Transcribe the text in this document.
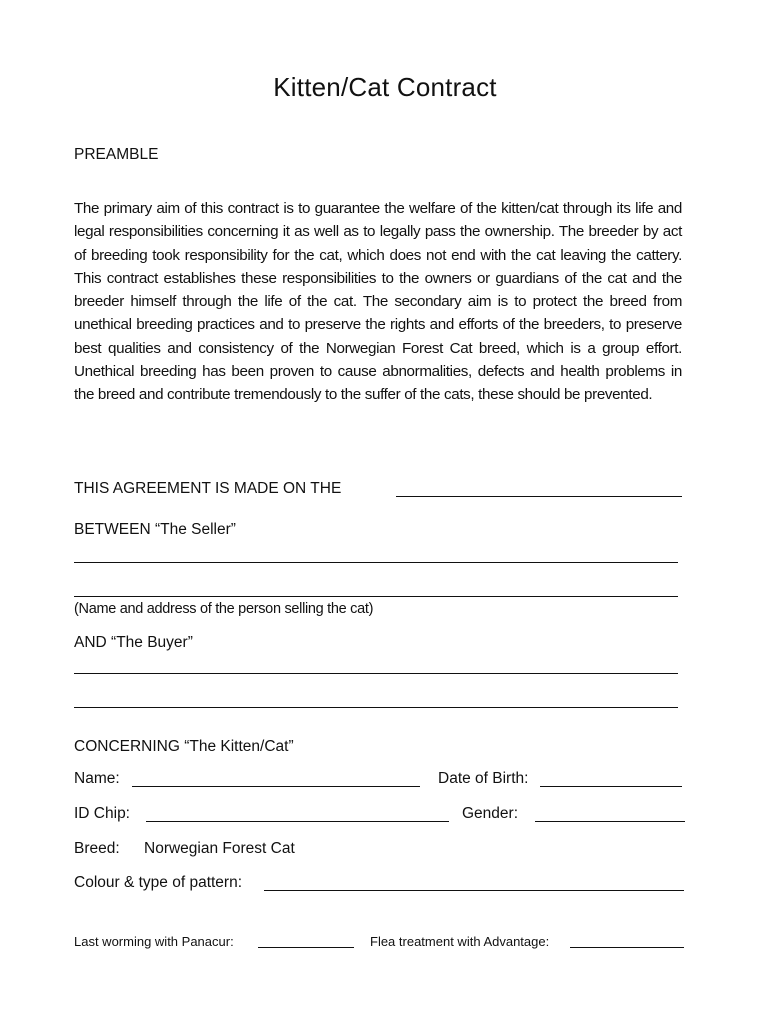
Kitten/Cat Contract
PREAMBLE

The primary aim of this contract is to guarantee the welfare of the kitten/cat through its life and legal responsibilities concerning it as well as to legally pass the ownership. The breeder by act of breeding took responsibility for the cat, which does not end with the cat leaving the cattery. This contract establishes these responsibilities to the owners or guardians of the cat and the breeder himself through the life of the cat. The secondary aim is to protect the breed from unethical breeding practices and to preserve the rights and efforts of the breeders, to preserve best qualities and consistency of the Norwegian Forest Cat breed, which is a group effort. Unethical breeding has been proven to cause abnormalities, defects and health problems in the breed and contribute tremendously to the suffer of the cats, these should be prevented.

THIS AGREEMENT IS MADE ON THE
BETWEEN “The Seller”
(Name and address of the person selling the cat)
AND “The Buyer”
CONCERNING “The Kitten/Cat”
Name:	Date of Birth:
ID Chip:	Gender:
Breed: Norwegian Forest Cat
Colour & type of pattern:
Last worming with Panacur:	Flea treatment with Advantage:
